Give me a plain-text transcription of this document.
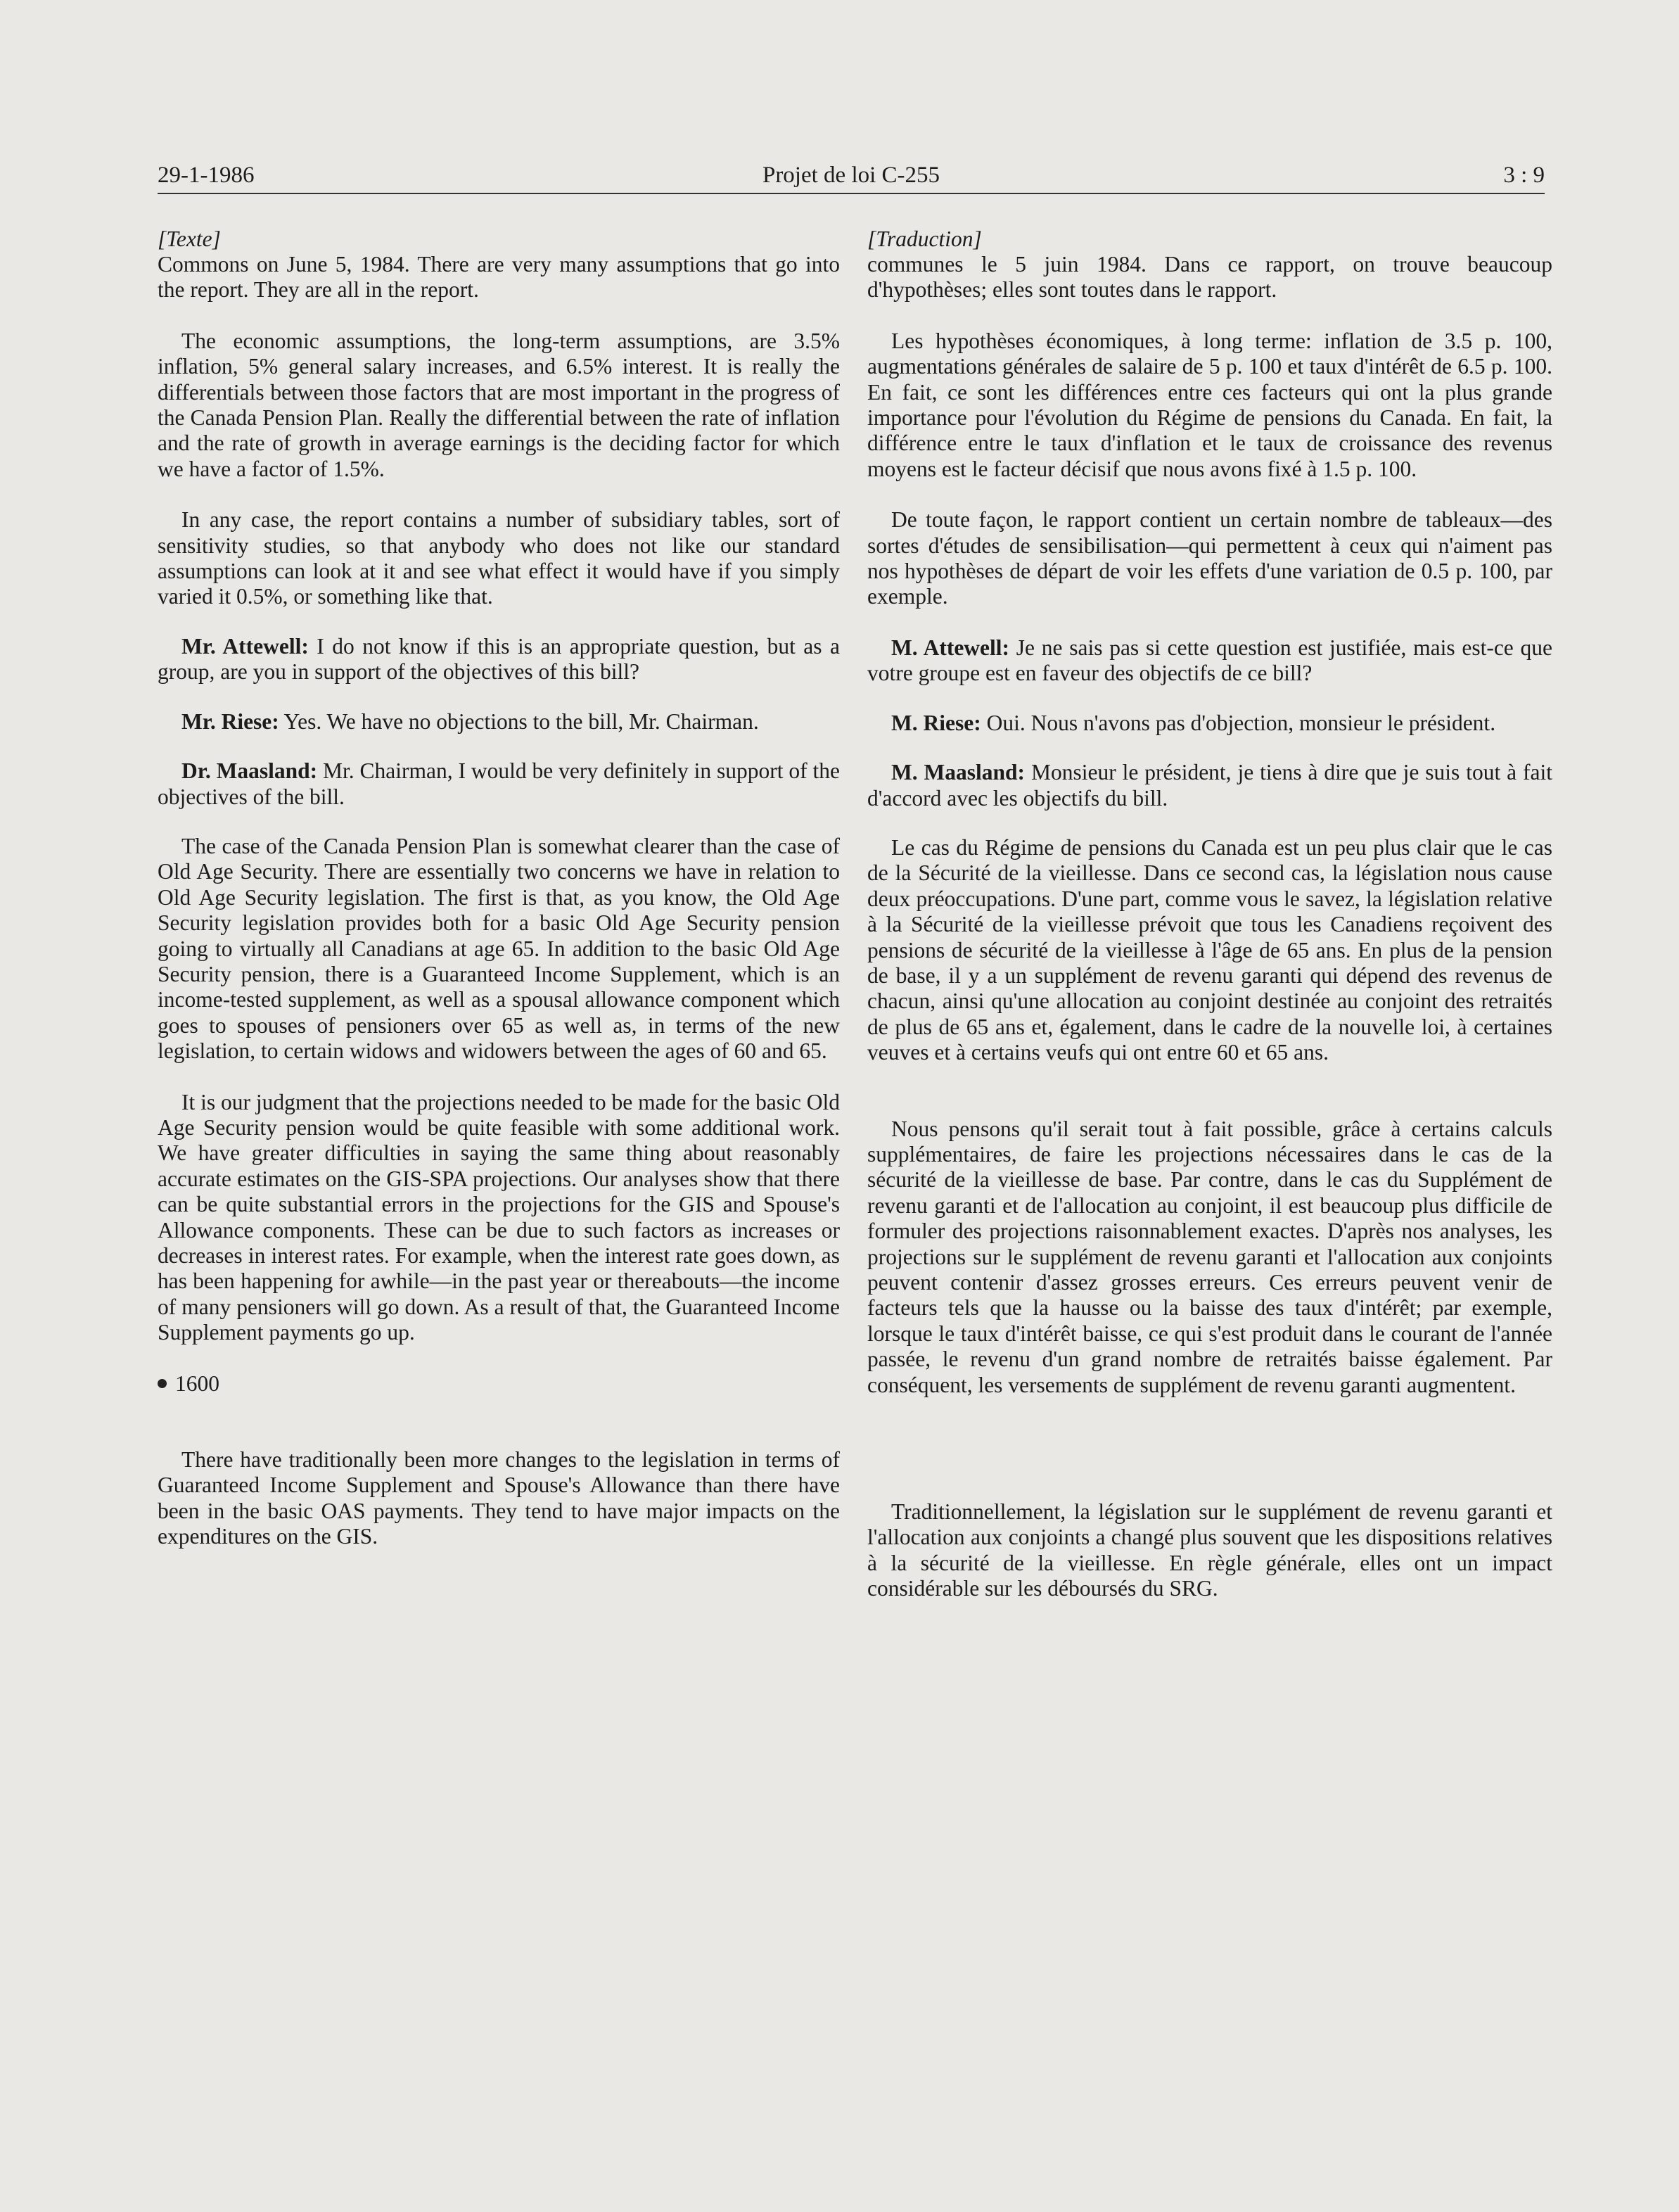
29-1-1986	Projet de loi C-255	3 : 9

[Texte]

Commons on June 5, 1984. There are very many assumptions that go into the report. They are all in the report.

The economic assumptions, the long-term assumptions, are 3.5% inflation, 5% general salary increases, and 6.5% interest. It is really the differentials between those factors that are most important in the progress of the Canada Pension Plan. Really the differential between the rate of inflation and the rate of growth in average earnings is the deciding factor for which we have a factor of 1.5%.

In any case, the report contains a number of subsidiary tables, sort of sensitivity studies, so that anybody who does not like our standard assumptions can look at it and see what effect it would have if you simply varied it 0.5%, or something like that.

Mr. Attewell: I do not know if this is an appropriate question, but as a group, are you in support of the objectives of this bill?

Mr. Riese: Yes. We have no objections to the bill, Mr. Chairman.

Dr. Maasland: Mr. Chairman, I would be very definitely in support of the objectives of the bill.

The case of the Canada Pension Plan is somewhat clearer than the case of Old Age Security. There are essentially two concerns we have in relation to Old Age Security legislation. The first is that, as you know, the Old Age Security legislation provides both for a basic Old Age Security pension going to virtually all Canadians at age 65. In addition to the basic Old Age Security pension, there is a Guaranteed Income Supplement, which is an income-tested supplement, as well as a spousal allowance component which goes to spouses of pensioners over 65 as well as, in terms of the new legislation, to certain widows and widowers between the ages of 60 and 65.

It is our judgment that the projections needed to be made for the basic Old Age Security pension would be quite feasible with some additional work. We have greater difficulties in saying the same thing about reasonably accurate estimates on the GIS-SPA projections. Our analyses show that there can be quite substantial errors in the projections for the GIS and Spouse's Allowance components. These can be due to such factors as increases or decreases in interest rates. For example, when the interest rate goes down, as has been happening for awhile—in the past year or thereabouts—the income of many pensioners will go down. As a result of that, the Guaranteed Income Supplement payments go up.

1600

There have traditionally been more changes to the legislation in terms of Guaranteed Income Supplement and Spouse's Allowance than there have been in the basic OAS payments. They tend to have major impacts on the expenditures on the GIS.

[Traduction]

communes le 5 juin 1984. Dans ce rapport, on trouve beaucoup d'hypothèses; elles sont toutes dans le rapport.

Les hypothèses économiques, à long terme: inflation de 3.5 p. 100, augmentations générales de salaire de 5 p. 100 et taux d'intérêt de 6.5 p. 100. En fait, ce sont les différences entre ces facteurs qui ont la plus grande importance pour l'évolution du Régime de pensions du Canada. En fait, la différence entre le taux d'inflation et le taux de croissance des revenus moyens est le facteur décisif que nous avons fixé à 1.5 p. 100.

De toute façon, le rapport contient un certain nombre de tableaux—des sortes d'études de sensibilisation—qui permettent à ceux qui n'aiment pas nos hypothèses de départ de voir les effets d'une variation de 0.5 p. 100, par exemple.

M. Attewell: Je ne sais pas si cette question est justifiée, mais est-ce que votre groupe est en faveur des objectifs de ce bill?

M. Riese: Oui. Nous n'avons pas d'objection, monsieur le président.

M. Maasland: Monsieur le président, je tiens à dire que je suis tout à fait d'accord avec les objectifs du bill.

Le cas du Régime de pensions du Canada est un peu plus clair que le cas de la Sécurité de la vieillesse. Dans ce second cas, la législation nous cause deux préoccupations. D'une part, comme vous le savez, la législation relative à la Sécurité de la vieillesse prévoit que tous les Canadiens reçoivent des pensions de sécurité de la vieillesse à l'âge de 65 ans. En plus de la pension de base, il y a un supplément de revenu garanti qui dépend des revenus de chacun, ainsi qu'une allocation au conjoint destinée au conjoint des retraités de plus de 65 ans et, également, dans le cadre de la nouvelle loi, à certaines veuves et à certains veufs qui ont entre 60 et 65 ans.

Nous pensons qu'il serait tout à fait possible, grâce à certains calculs supplémentaires, de faire les projections nécessaires dans le cas de la sécurité de la vieillesse de base. Par contre, dans le cas du Supplément de revenu garanti et de l'allocation au conjoint, il est beaucoup plus difficile de formuler des projections raisonnablement exactes. D'après nos analyses, les projections sur le supplément de revenu garanti et l'allocation aux conjoints peuvent contenir d'assez grosses erreurs. Ces erreurs peuvent venir de facteurs tels que la hausse ou la baisse des taux d'intérêt; par exemple, lorsque le taux d'intérêt baisse, ce qui s'est produit dans le courant de l'année passée, le revenu d'un grand nombre de retraités baisse également. Par conséquent, les versements de supplément de revenu garanti augmentent.

Traditionnellement, la législation sur le supplément de revenu garanti et l'allocation aux conjoints a changé plus souvent que les dispositions relatives à la sécurité de la vieillesse. En règle générale, elles ont un impact considérable sur les déboursés du SRG.
